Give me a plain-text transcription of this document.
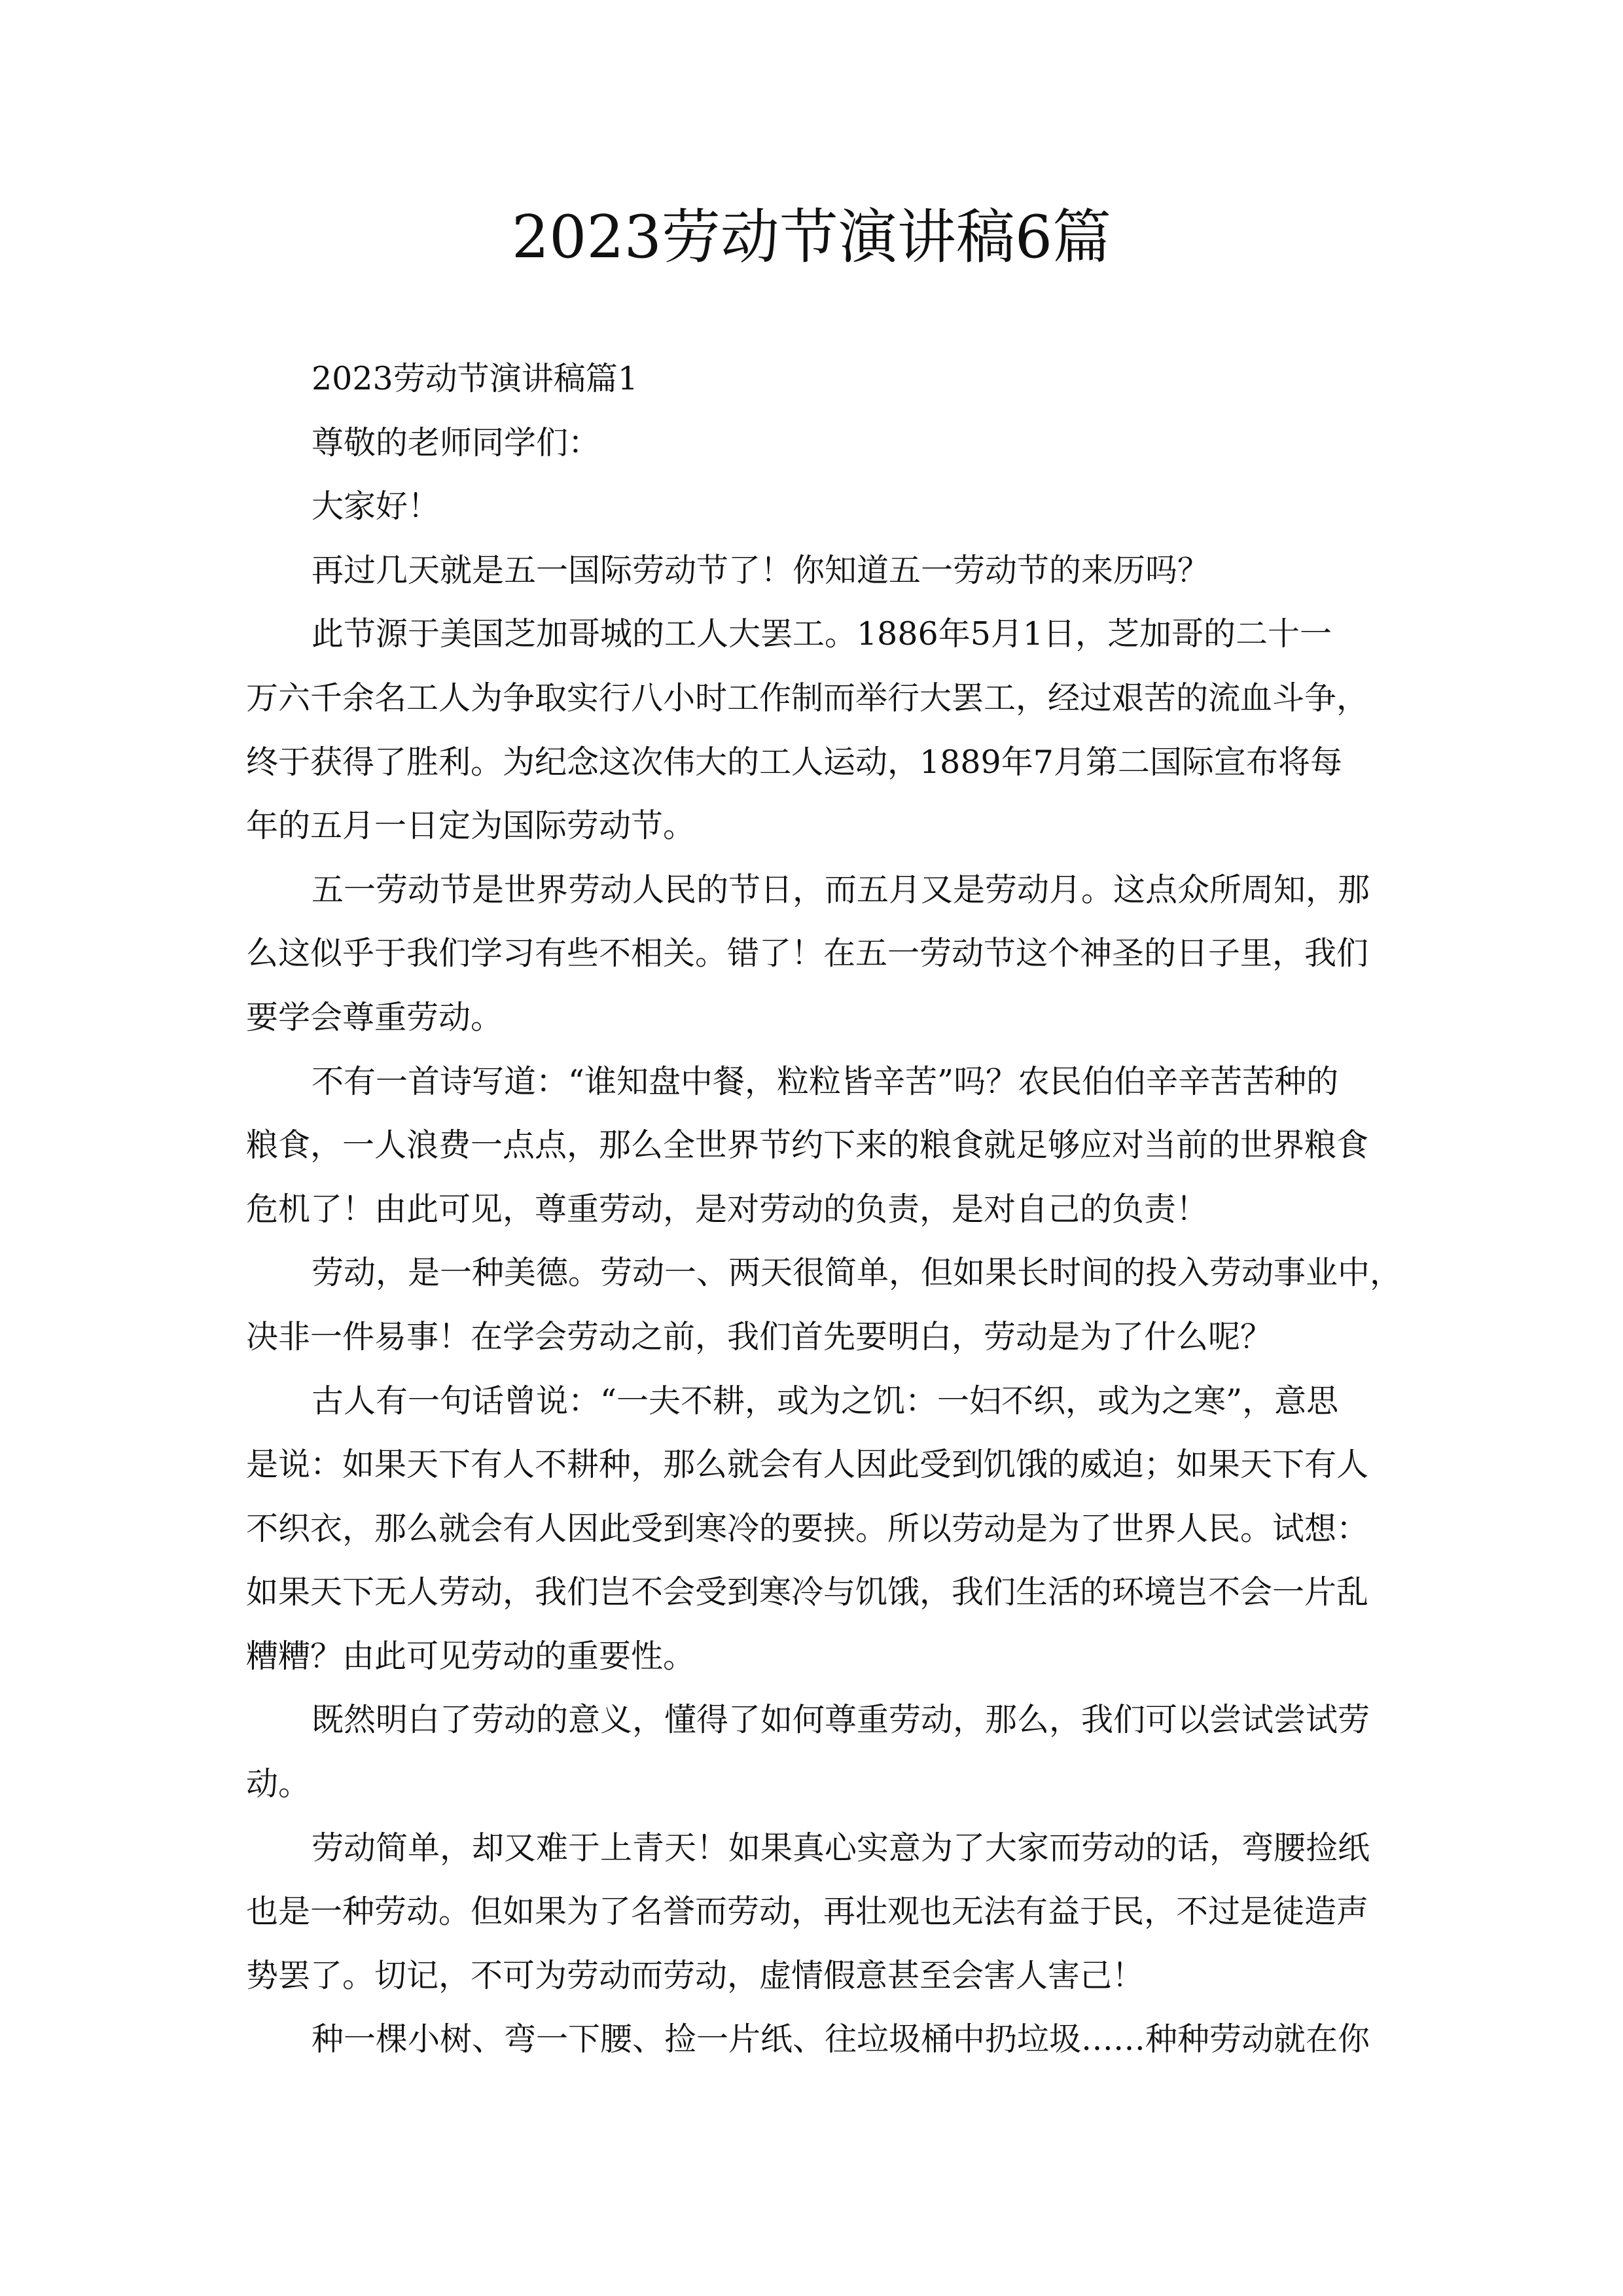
2023劳动节演讲稿6篇
2023劳动节演讲稿篇1
尊敬的老师同学们：
大家好！
再过几天就是五一国际劳动节了！你知道五一劳动节的来历吗？
此节源于美国芝加哥城的工人大罢工。1886年5月1日，芝加哥的二十一
万六千余名工人为争取实行八小时工作制而举行大罢工，经过艰苦的流血斗争，
终于获得了胜利。为纪念这次伟大的工人运动，1889年7月第二国际宣布将每
年的五月一日定为国际劳动节。
五一劳动节是世界劳动人民的节日，而五月又是劳动月。这点众所周知，那
么这似乎于我们学习有些不相关。错了！在五一劳动节这个神圣的日子里，我们
要学会尊重劳动。
不有一首诗写道：“谁知盘中餐，粒粒皆辛苦”吗？农民伯伯辛辛苦苦种的
粮食，一人浪费一点点，那么全世界节约下来的粮食就足够应对当前的世界粮食
危机了！由此可见，尊重劳动，是对劳动的负责，是对自己的负责！
劳动，是一种美德。劳动一、两天很简单，但如果长时间的投入劳动事业中，
决非一件易事！在学会劳动之前，我们首先要明白，劳动是为了什么呢？
古人有一句话曾说：“一夫不耕，或为之饥：一妇不织，或为之寒”，意思
是说：如果天下有人不耕种，那么就会有人因此受到饥饿的威迫；如果天下有人
不织衣，那么就会有人因此受到寒冷的要挟。所以劳动是为了世界人民。试想：
如果天下无人劳动，我们岂不会受到寒冷与饥饿，我们生活的环境岂不会一片乱
糟糟？由此可见劳动的重要性。
既然明白了劳动的意义，懂得了如何尊重劳动，那么，我们可以尝试尝试劳
动。
劳动简单，却又难于上青天！如果真心实意为了大家而劳动的话，弯腰捡纸
也是一种劳动。但如果为了名誉而劳动，再壮观也无法有益于民，不过是徒造声
势罢了。切记，不可为劳动而劳动，虚情假意甚至会害人害己！
种一棵小树、弯一下腰、捡一片纸、往垃圾桶中扔垃圾……种种劳动就在你
